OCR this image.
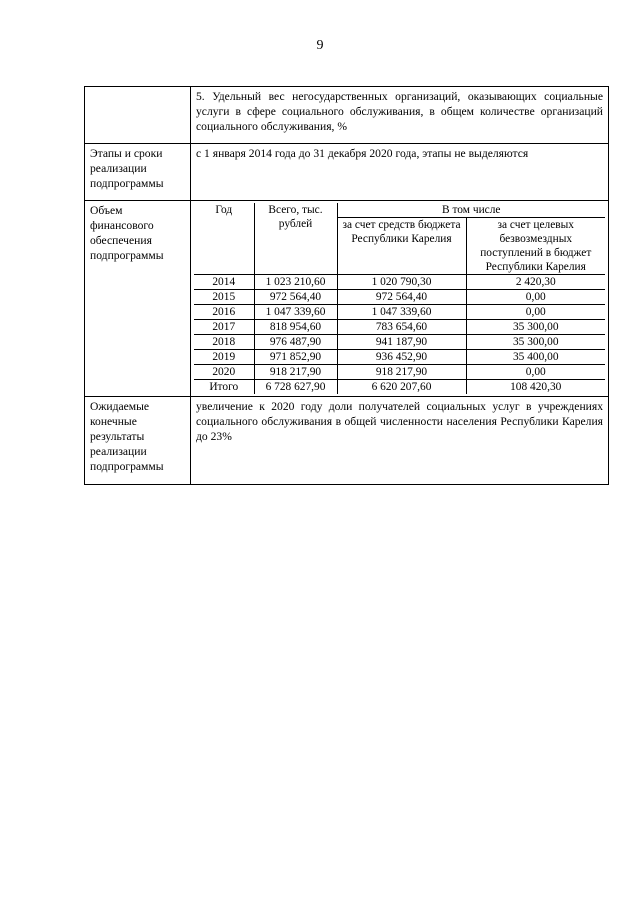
9
	5. Удельный вес негосударственных организаций, оказывающих социальные услуги в сфере социального обслуживания, в общем количестве организаций социального обслуживания, %
Этапы и сроки реализации подпрограммы	с 1 января 2014 года до 31 декабря 2020 года, этапы не выделяются
Объем финансового обеспечения подпрограммы	
Год	Всего, тыс. рублей	В том числе
за счет средств бюджета Республики Карелия	за счет целевых безвозмездных поступлений в бюджет Республики Карелия
2014	1 023 210,60	1 020 790,30	2 420,30
2015	972 564,40	972 564,40	0,00
2016	1 047 339,60	1 047 339,60	0,00
2017	818 954,60	783 654,60	35 300,00
2018	976 487,90	941 187,90	35 300,00
2019	971 852,90	936 452,90	35 400,00
2020	918 217,90	918 217,90	0,00
Итого	6 728 627,90	6 620 207,60	108 420,30

Ожидаемые конечные результаты реализации подпрограммы	увеличение к 2020 году доли получателей социальных услуг в учреждениях социального обслуживания в общей численности населения Республики Карелия до 23%
